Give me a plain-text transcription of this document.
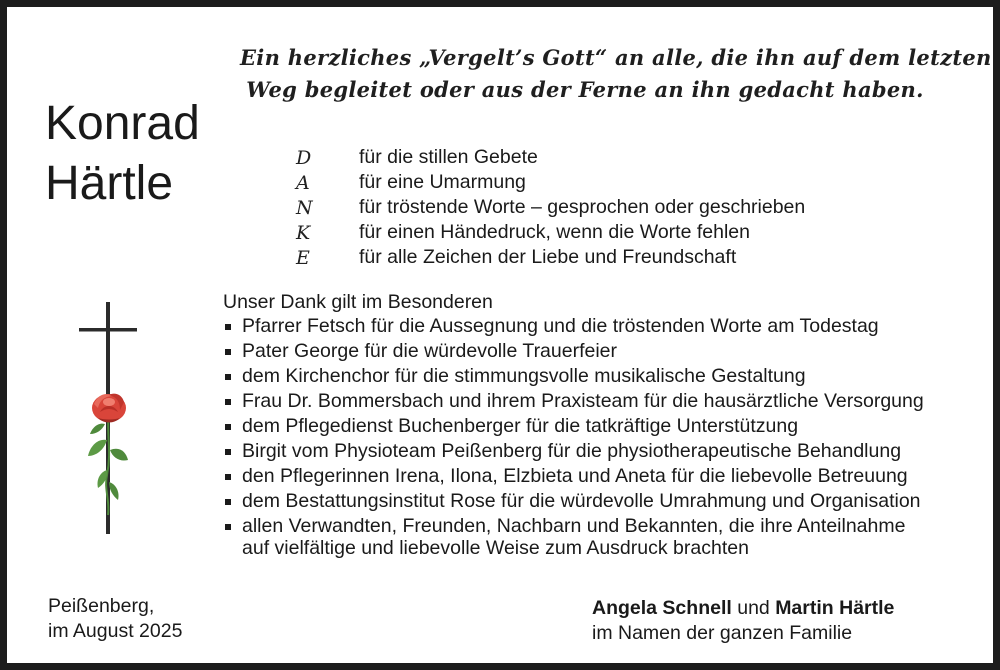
Ein herzliches „Vergelt’s Gott“ an alle, die ihn auf dem letzten
Weg begleitet oder aus der Ferne an ihn gedacht haben.
Konrad
Härtle	D	für die stillen Gebete
A	für eine Umarmung
N	für tröstende Worte – gesprochen oder geschrieben
K	für einen Händedruck, wenn die Worte fehlen
E	für alle Zeichen der Liebe und Freundschaft
Unser Dank gilt im Besonderen
Pfarrer Fetsch für die Aussegnung und die tröstenden Worte am Todestag
Pater George für die würdevolle Trauerfeier
dem Kirchenchor für die stimmungsvolle musikalische Gestaltung
Frau Dr. Bommersbach und ihrem Praxisteam für die hausärztliche Versorgung
dem Pflegedienst Buchenberger für die tatkräftige Unterstützung
Birgit vom Physioteam Peißenberg für die physiotherapeutische Behandlung
den Pflegerinnen Irena, Ilona, Elzbieta und Aneta für die liebevolle Betreuung
dem Bestattungsinstitut Rose für die würdevolle Umrahmung und Organisation
allen Verwandten, Freunden, Nachbarn und Bekannten, die ihre Anteilnahme
auf vielfältige und liebevolle Weise zum Ausdruck brachten
Peißenberg,
im August 2025
Angela Schnell und Martin Härtle
im Namen der ganzen Familie
